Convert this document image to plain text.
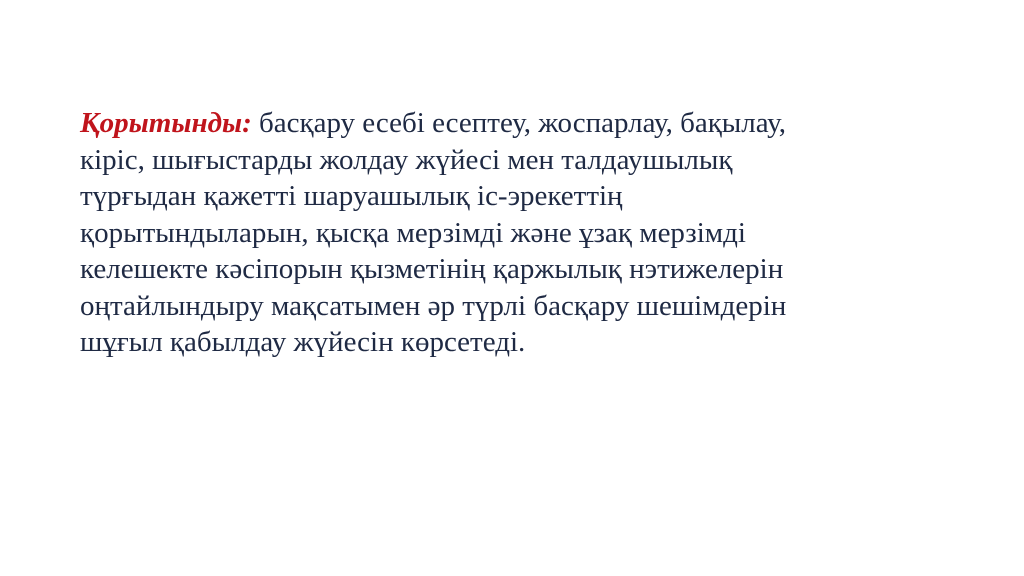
Қорытынды: басқару есебі есептеу, жоспарлау, бақылау,
кіріс, шығыстарды жолдау жүйесі мен талдаушылық
түрғыдан қажетті шаруашылық іс-эрекеттің
қорытындыларын, қысқа мерзімді және ұзақ мерзімді
келешекте кәсіпорын қызметінің қаржылық нэтижелерін
оңтайлындыру мақсатымен әр түрлі басқару шешімдерін
шұғыл қабылдау жүйесін көрсетеді.
